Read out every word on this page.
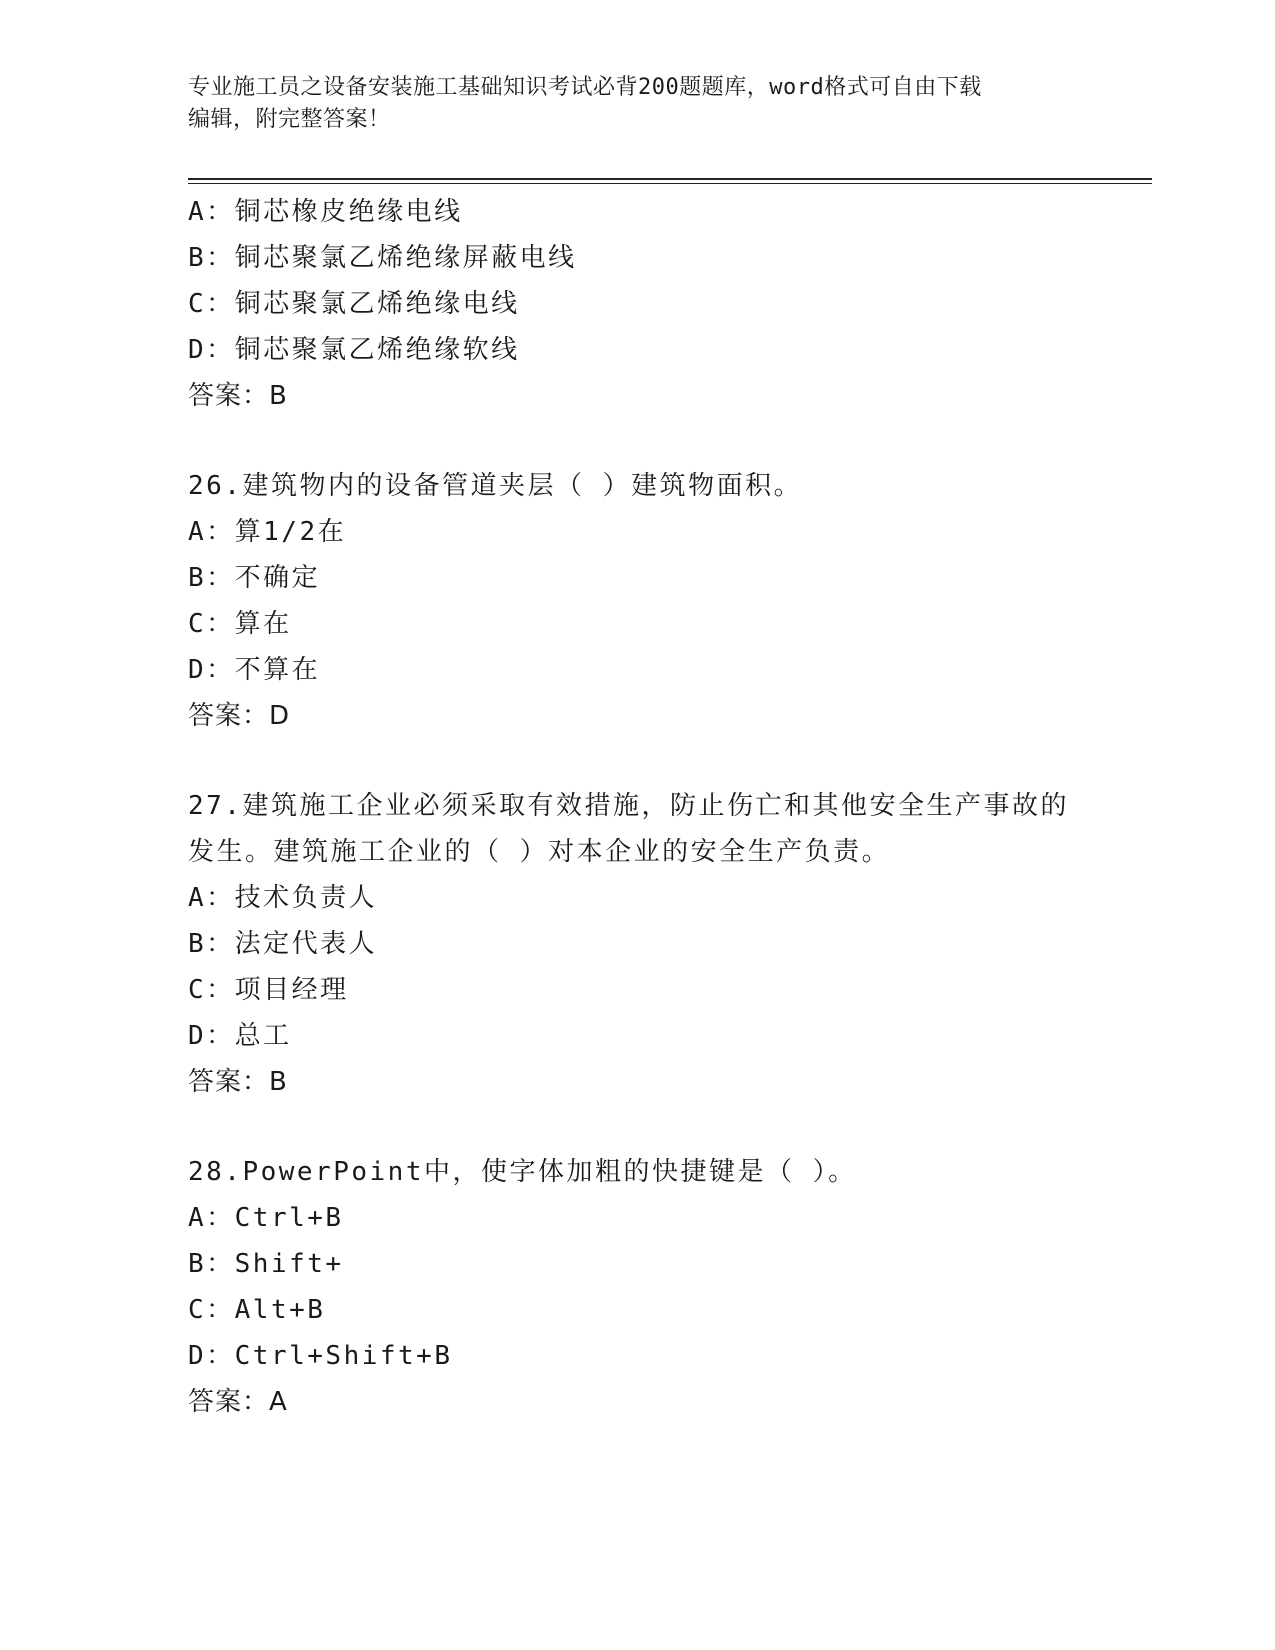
专业施工员之设备安装施工基础知识考试必背200题题库，word格式可自由下载
编辑，附完整答案！
A：铜芯橡皮绝缘电线
B：铜芯聚氯乙烯绝缘屏蔽电线
C：铜芯聚氯乙烯绝缘电线
D：铜芯聚氯乙烯绝缘软线
答案：B
26.建筑物内的设备管道夹层（ ）建筑物面积。
A：算1/2在
B：不确定
C：算在
D：不算在
答案：D
27.建筑施工企业必须采取有效措施，防止伤亡和其他安全生产事故的
发生。建筑施工企业的（ ）对本企业的安全生产负责。
A：技术负责人
B：法定代表人
C：项目经理
D：总工
答案：B
28.PowerPoint中，使字体加粗的快捷键是（ ）。
A：Ctrl+B
B：Shift+
C：Alt+B
D：Ctrl+Shift+B
答案：A
